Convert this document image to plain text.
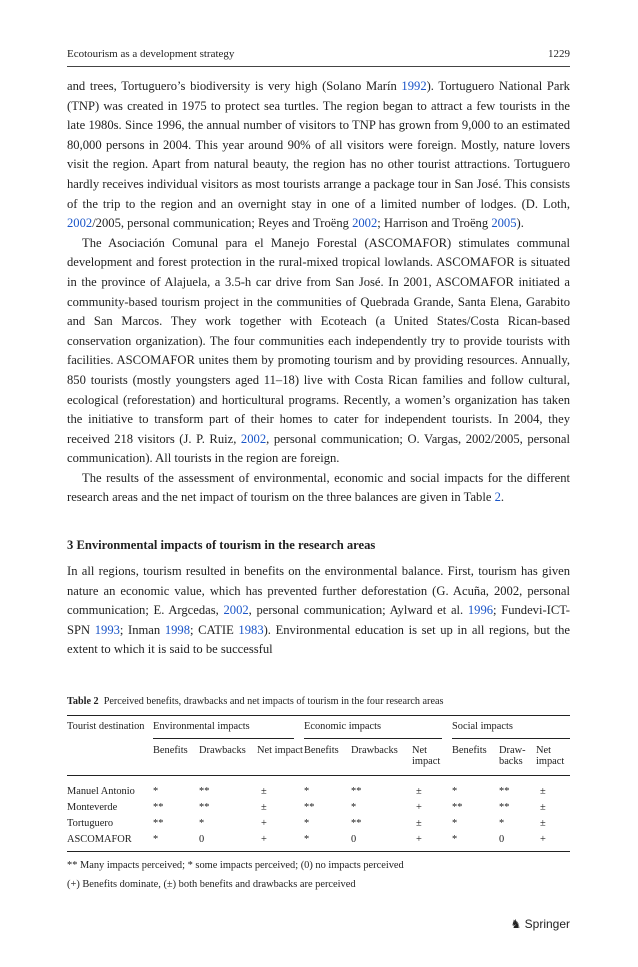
Ecotourism as a development strategy	1229

and trees, Tortuguero’s biodiversity is very high (Solano Marín 1992). Tortuguero National Park (TNP) was created in 1975 to protect sea turtles. The region began to attract a few tourists in the late 1980s. Since 1996, the annual number of visitors to TNP has grown from 9,000 to an estimated 80,000 persons in 2004. This year around 90% of all visitors were foreign. Mostly, nature lovers visit the region. Apart from natural beauty, the region has no other tourist attractions. Tortuguero hardly receives individual visitors as most tourists arrange a package tour in San José. This consists of the trip to the region and an overnight stay in one of a limited number of lodges. (D. Loth, 2002/2005, personal communication; Reyes and Troëng 2002; Harrison and Troëng 2005).

The Asociación Comunal para el Manejo Forestal (ASCOMAFOR) stimulates communal development and forest protection in the rural-mixed tropical lowlands. ASCOMAFOR is situated in the province of Alajuela, a 3.5-h car drive from San José. In 2001, ASCOMAFOR initiated a community-based tourism project in the communities of Quebrada Grande, Santa Elena, Garabito and San Marcos. They work together with Ecoteach (a United States/Costa Rican-based conservation organization). The four communities each independently try to provide tourists with facilities. ASCOMAFOR unites them by promoting tourism and by providing resources. Annually, 850 tourists (mostly youngsters aged 11–18) live with Costa Rican families and follow cultural, ecological (reforestation) and horticultural programs. Recently, a women’s organization has taken the initiative to transform part of their homes to cater for independent tourists. In 2004, they received 218 visitors (J. P. Ruiz, 2002, personal communication; O. Vargas, 2002/2005, personal communication). All tourists in the region are foreign.

The results of the assessment of environmental, economic and social impacts for the different research areas and the net impact of tourism on the three balances are given in Table 2.

3 Environmental impacts of tourism in the research areas

In all regions, tourism resulted in benefits on the environmental balance. First, tourism has given nature an economic value, which has prevented further deforestation (G. Acuña, 2002, personal communication; E. Argcedas, 2002, personal communication; Aylward et al. 1996; Fundevi-ICT-SPN 1993; Inman 1998; CATIE 1983). Environmental education is set up in all regions, but the extent to which it is said to be successful

Table 2 Perceived benefits, drawbacks and net impacts of tourism in the four research areas
Tourist destination	Environmental impacts			Economic impacts			Social impacts		

	Benefits	Drawbacks	Net impact	Benefits	Drawbacks	Net impact	Benefits	Draw-backs	Net impact
Manuel Antonio	*	**	±	*	**	±	*	**	±
Monteverde	**	**	±	**	*	+	**	**	±
Tortuguero	**	*	+	*	**	±	*	*	±
ASCOMAFOR	*	0	+	*	0	+	*	0	+
** Many impacts perceived; * some impacts perceived; (0) no impacts perceived
(+) Benefits dominate, (±) both benefits and drawbacks are perceived
♞ Springer
